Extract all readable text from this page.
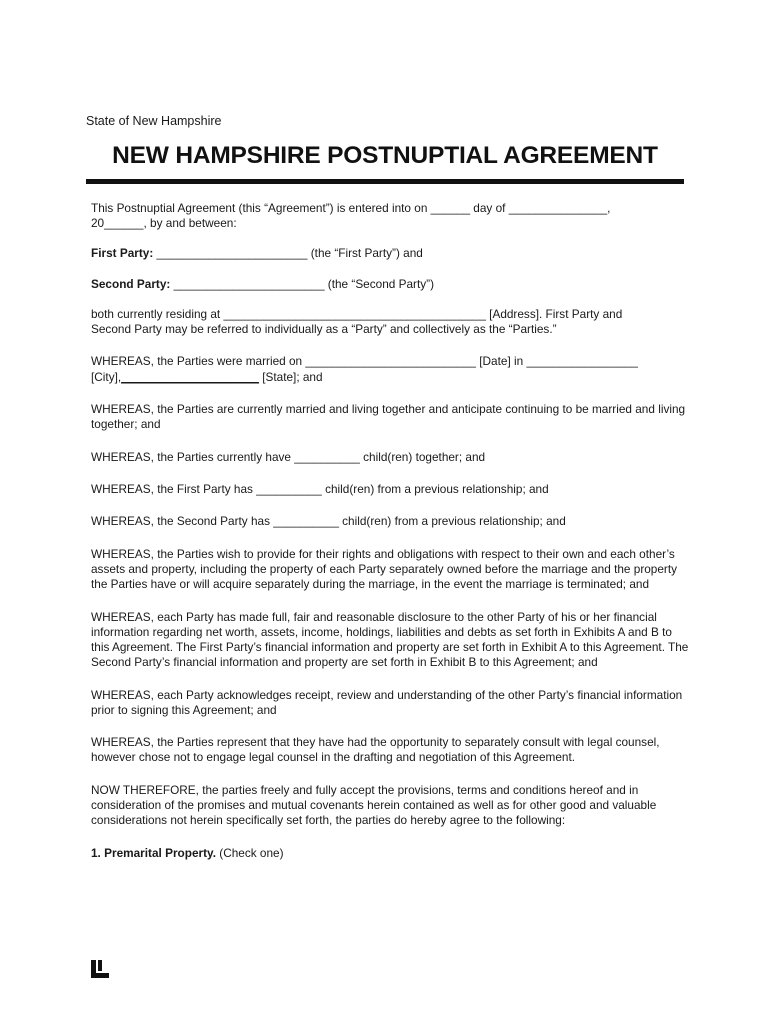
State of New Hampshire

NEW HAMPSHIRE POSTNUPTIAL AGREEMENT

This Postnuptial Agreement (this “Agreement”) is entered into on ______ day of _______________,
20______, by and between:

First Party: _______________________ (the “First Party”) and

Second Party: _______________________ (the “Second Party”)

both currently residing at ________________________________________ [Address]. First Party and
Second Party may be referred to individually as a “Party” and collectively as the “Parties.”

WHEREAS, the Parties were married on __________________________ [Date] in _________________
[City],_____________________ [State]; and

WHEREAS, the Parties are currently married and living together and anticipate continuing to be married and living together; and

WHEREAS, the Parties currently have __________ child(ren) together; and

WHEREAS, the First Party has __________ child(ren) from a previous relationship; and

WHEREAS, the Second Party has __________ child(ren) from a previous relationship; and

WHEREAS, the Parties wish to provide for their rights and obligations with respect to their own and each other’s assets and property, including the property of each Party separately owned before the marriage and the property the Parties have or will acquire separately during the marriage, in the event the marriage is terminated; and

WHEREAS, each Party has made full, fair and reasonable disclosure to the other Party of his or her financial information regarding net worth, assets, income, holdings, liabilities and debts as set forth in Exhibits A and B to this Agreement. The First Party’s financial information and property are set forth in Exhibit A to this Agreement. The Second Party’s financial information and property are set forth in Exhibit B to this Agreement; and

WHEREAS, each Party acknowledges receipt, review and understanding of the other Party’s financial information prior to signing this Agreement; and

WHEREAS, the Parties represent that they have had the opportunity to separately consult with legal counsel, however chose not to engage legal counsel in the drafting and negotiation of this Agreement.

NOW THEREFORE, the parties freely and fully accept the provisions, terms and conditions hereof and in consideration of the promises and mutual covenants herein contained as well as for other good and valuable considerations not herein specifically set forth, the parties do hereby agree to the following:

1. Premarital Property. (Check one)
